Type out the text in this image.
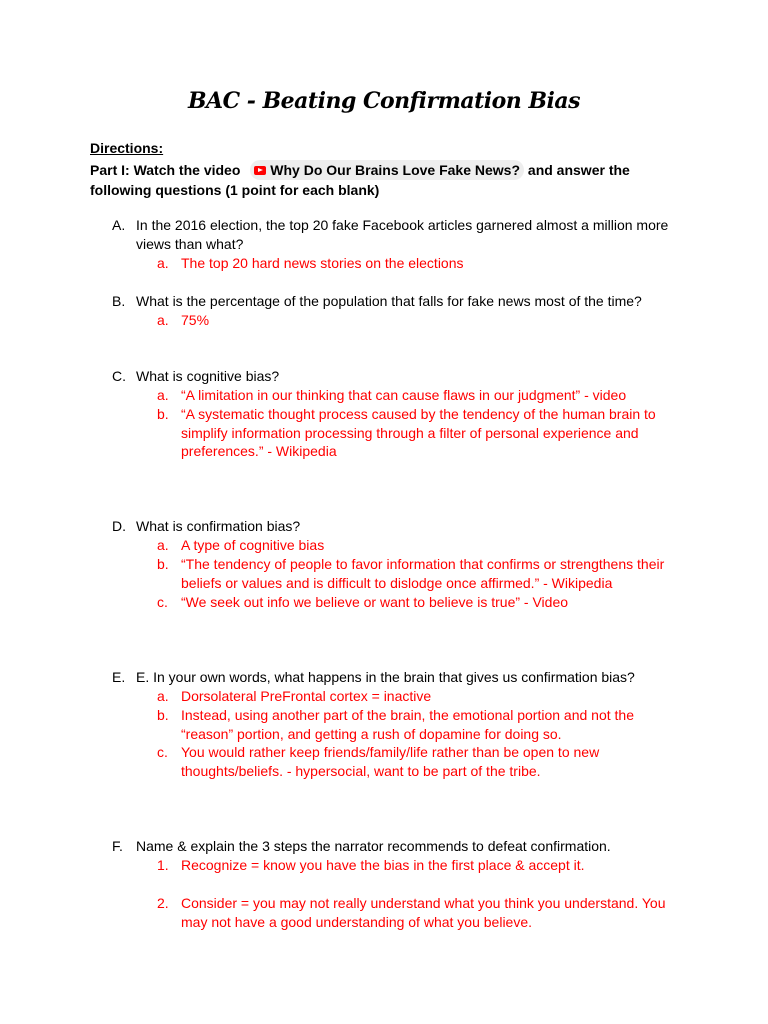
BAC - Beating Confirmation Bias
Directions:
Part I: Watch the video Why Do Our Brains Love Fake News? and answer the following questions (1 point for each blank)
A. In the 2016 election, the top 20 fake Facebook articles garnered almost a million more views than what?
a. The top 20 hard news stories on the elections
B. What is the percentage of the population that falls for fake news most of the time?
a. 75%
C. What is cognitive bias?
a. “A limitation in our thinking that can cause flaws in our judgment” - video
b. “A systematic thought process caused by the tendency of the human brain to simplify information processing through a filter of personal experience and preferences.” - Wikipedia
D. What is confirmation bias?
a. A type of cognitive bias
b. “The tendency of people to favor information that confirms or strengthens their beliefs or values and is difficult to dislodge once affirmed.” - Wikipedia
c. “We seek out info we believe or want to believe is true” - Video
E. E. In your own words, what happens in the brain that gives us confirmation bias?
a. Dorsolateral PreFrontal cortex = inactive
b. Instead, using another part of the brain, the emotional portion and not the “reason” portion, and getting a rush of dopamine for doing so.
c. You would rather keep friends/family/life rather than be open to new thoughts/beliefs. - hypersocial, want to be part of the tribe.
F. Name & explain the 3 steps the narrator recommends to defeat confirmation.
1. Recognize = know you have the bias in the first place & accept it.
2. Consider = you may not really understand what you think you understand. You may not have a good understanding of what you believe.
